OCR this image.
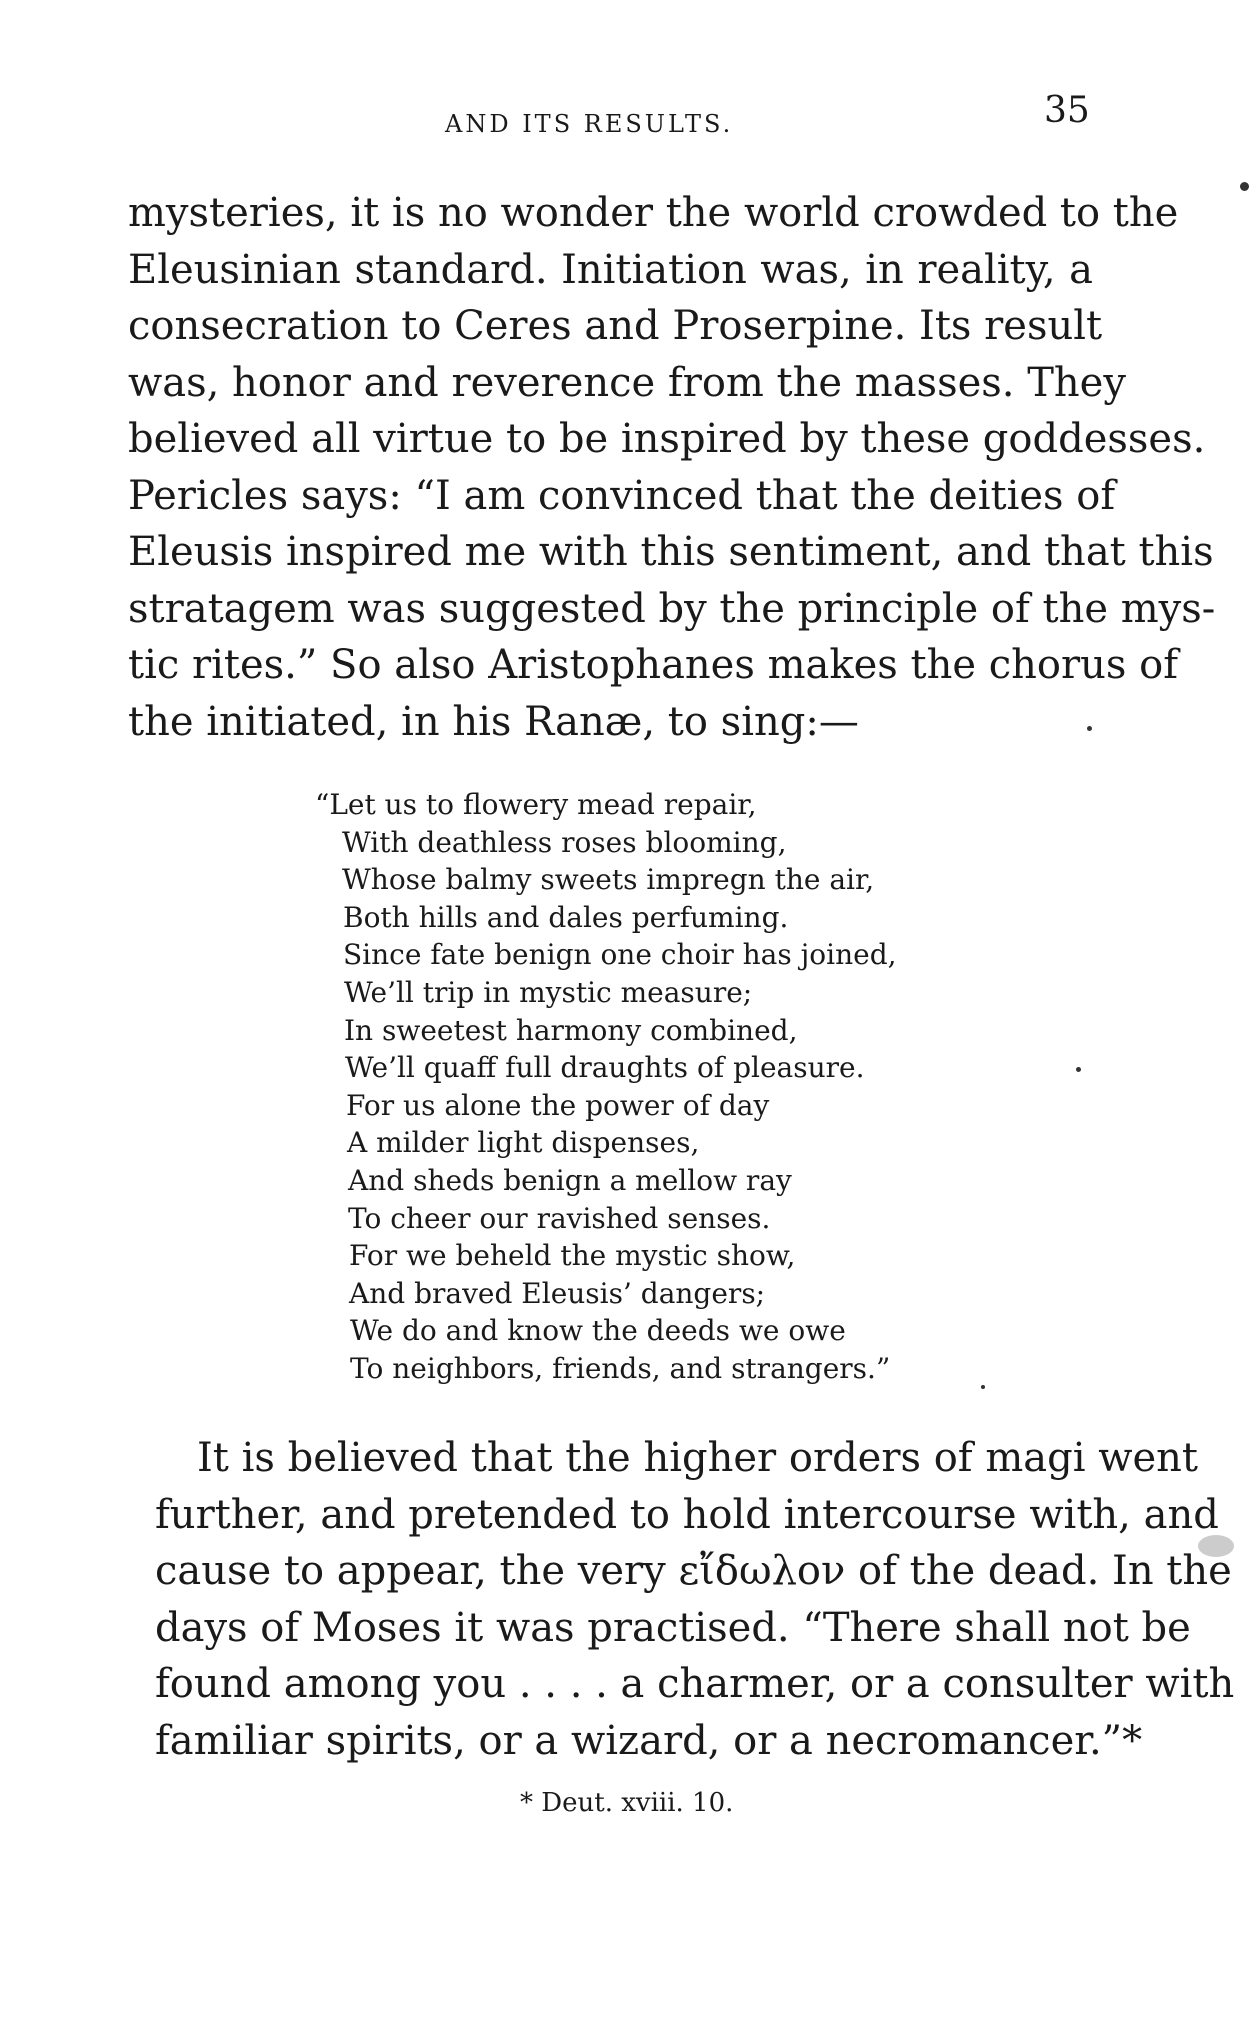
AND ITS RESULTS.	35
mysteries, it is no wonder the world crowded to the
Eleusinian standard. Initiation was, in reality, a
consecration to Ceres and Proserpine. Its result
was, honor and reverence from the masses. They
believed all virtue to be inspired by these goddesses.
Pericles says: “I am convinced that the deities of
Eleusis inspired me with this sentiment, and that this
stratagem was suggested by the principle of the mys-
tic rites.” So also Aristophanes makes the chorus of
the initiated, in his Ranæ, to sing:—
“Let us to flowery mead repair,
With deathless roses blooming,
Whose balmy sweets impregn the air,
Both hills and dales perfuming.
Since fate benign one choir has joined,
We’ll trip in mystic measure;
In sweetest harmony combined,
We’ll quaff full draughts of pleasure.
For us alone the power of day
A milder light dispenses,
And sheds benign a mellow ray
To cheer our ravished senses.
For we beheld the mystic show,
And braved Eleusis’ dangers;
We do and know the deeds we owe
To neighbors, friends, and strangers.”
It is believed that the higher orders of magi went
further, and pretended to hold intercourse with, and
cause to appear, the very εἴδωλον of the dead. In the
days of Moses it was practised. “There shall not be
found among you . . . . a charmer, or a consulter with
familiar spirits, or a wizard, or a necromancer.”*
* Deut. xviii. 10.
